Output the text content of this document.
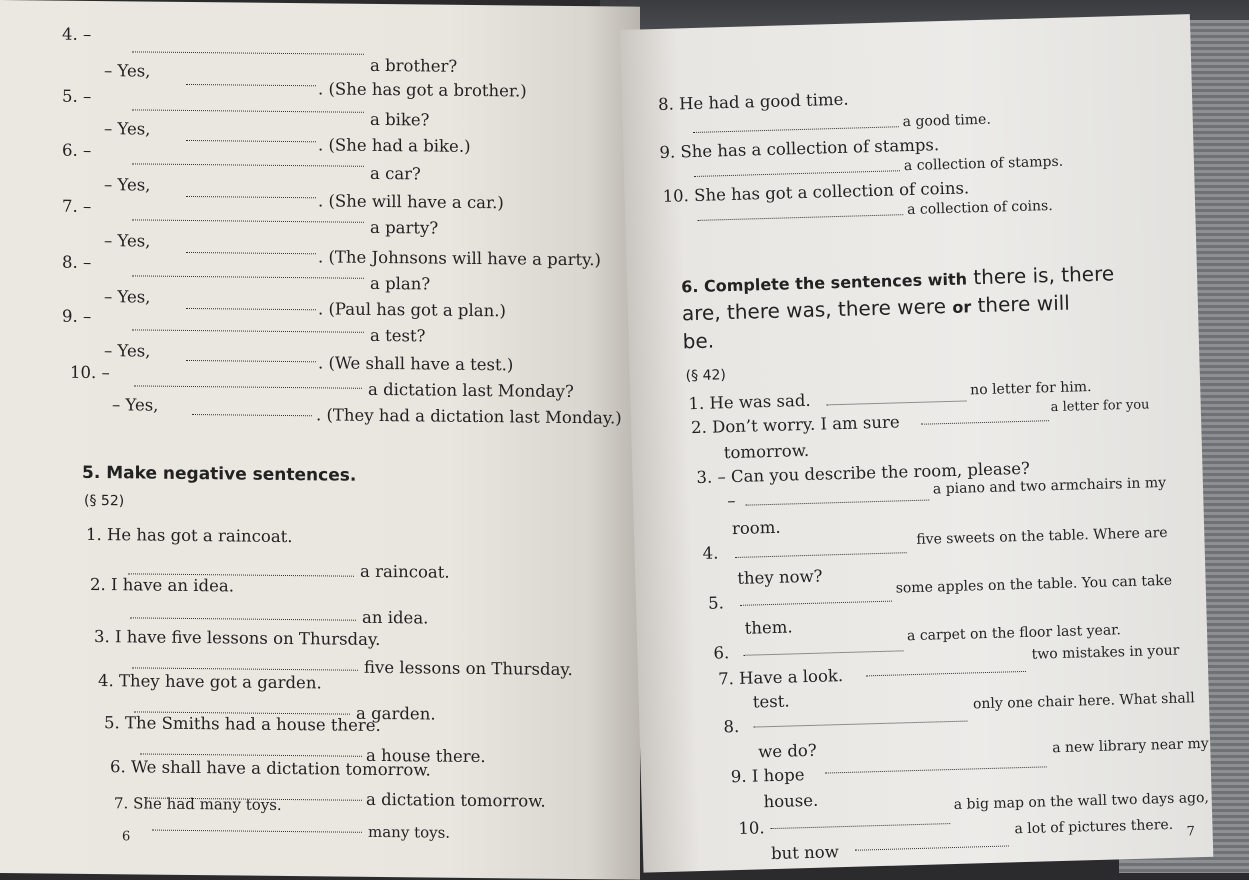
4. –
a brother?
– Yes,
. (She has got a brother.)
5. –
a bike?
– Yes,
. (She had a bike.)
6. –
a car?
– Yes,
. (She will have a car.)
7. –
a party?
– Yes,
. (The Johnsons will have a party.)
8. –
a plan?
– Yes,
. (Paul has got a plan.)
9. –
a test?
– Yes,
. (We shall have a test.)
10. –
a dictation last Monday?
– Yes,
. (They had a dictation last Monday.)
5. Make negative sentences.
(§ 52)
1. He has got a raincoat.
a raincoat.
2. I have an idea.
an idea.
3. I have five lessons on Thursday.
five lessons on Thursday.
4. They have got a garden.
a garden.
5. The Smiths had a house there.
a house there.
6. We shall have a dictation tomorrow.
a dictation tomorrow.
7. She had many toys.
many toys.
6
8. He had a good time.
a good time.
9. She has a collection of stamps.
a collection of stamps.
10. She has got a collection of coins.
a collection of coins.
6. Complete the sentences with there is, there
are, there was, there were or there will
be.
(§ 42)
1. He was sad.
no letter for him.
2. Don’t worry. I am sure
a letter for you
tomorrow.
3. – Can you describe the room, please?
–
a piano and two armchairs in my
room.
4.
five sweets on the table. Where are
they now?
5.
some apples on the table. You can take
them.
6.
a carpet on the floor last year.
7. Have a look.
two mistakes in your
test.
8.
only one chair here. What shall
we do?
9. I hope
a new library near my
house.
10.
a big map on the wall two days ago,
but now
a lot of pictures there. 7
